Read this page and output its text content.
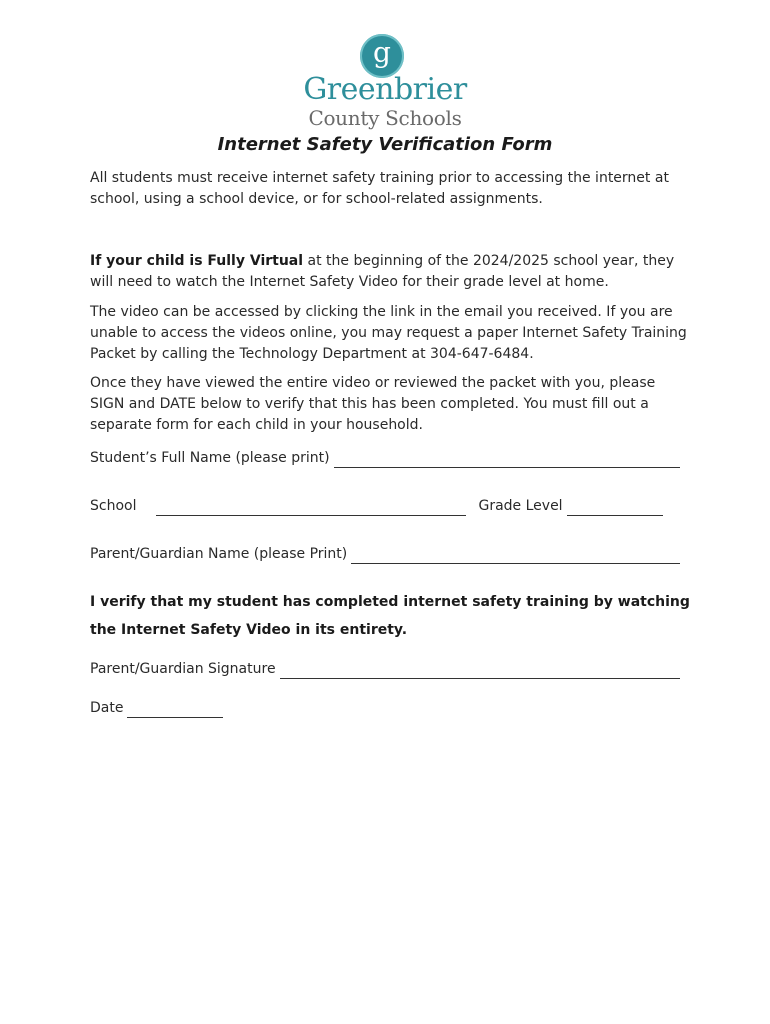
g
Greenbrier
County Schools
Internet Safety Verification Form
All students must receive internet safety training prior to accessing the internet at school, using a school device, or for school-related assignments.
If your child is Fully Virtual at the beginning of the 2024/2025 school year, they will need to watch the Internet Safety Video for their grade level at home.
The video can be accessed by clicking the link in the email you received. If you are unable to access the videos online, you may request a paper Internet Safety Training Packet by calling the Technology Department at 304-647-6484.
Once they have viewed the entire video or reviewed the packet with you, please SIGN and DATE below to verify that this has been completed. You must fill out a separate form for each child in your household.
Student’s Full Name (please print)
School	Grade Level
Parent/Guardian Name (please Print)
I verify that my student has completed internet safety training by watching the Internet Safety Video in its entirety.
Parent/Guardian Signature
Date
